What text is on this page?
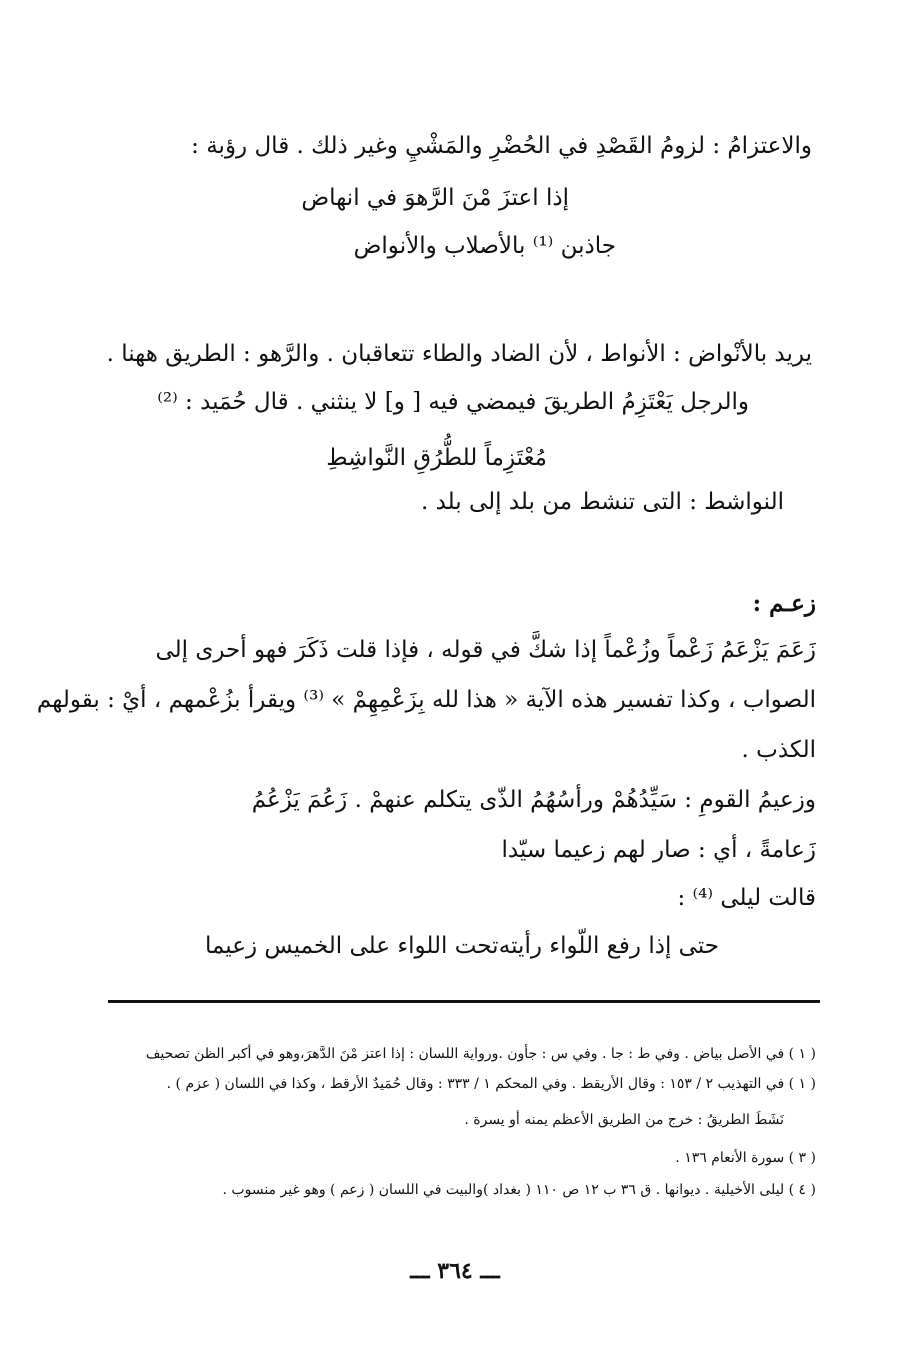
والاعتزامُ : لزومُ القَصْدِ في الحُضْرِ والمَشْيِ وغير ذلك . قال رؤبة :
إذا اعتزَ مْنَ الرَّهوَ في انهاض
جاذبن ⁽¹⁾ بالأصلاب والأنواض
يريد بالأنْواض : الأنواط ، لأن الضاد والطاء تتعاقبان . والرَّهو : الطريق ههنا .
والرجل يَعْتَزِمُ الطريقَ فيمضي فيه [ و] لا ينثني . قال حُمَيد : ⁽²⁾
مُعْتَزِماً للطُّرُقِ النَّواشِطِ
النواشط : التى تنشط من بلد إلى بلد .
زعـم :
زَعَمَ يَزْعَمُ زَعْماً وزُعْماً إذا شكَّ في قوله ، فإذا قلت ذَكَرَ فهو أحرى إلى
الصواب ، وكذا تفسير هذه الآية « هذا لله بِزَعْمِهِمْ » ⁽³⁾ ويقرأ بزُعْمهم ، أيْ : بقولهم
الكذب .
وزعيمُ القومِ : سَيِّدُهُمْ ورأسُهُمُ الذّى يتكلم عنهمْ . زَعُمَ يَزْعُمُ
زَعامةً ، أي : صار لهم زعيما سيّدا
قالت ليلى ⁽⁴⁾ :
حتى إذا رفع اللّواء رأيته
تحت اللواء على الخميس زعيما
( ١ ) في الأصل بياض . وفي ط : جا . وفي س : جأون .ورواية اللسان : إذا اعتز مْنَ الدَّهرَ،وهو في أكبر الظن تصحيف
( ١ ) في التهذيب ٢ / ١٥٣ : وقال الأريقط . وفي المحكم ١ / ٣٣٣ : وقال حُمَيدٌ الأرقط ، وكذا في اللسان ( عزم ) .
نَشَطَ الطريقُ : خرج من الطريق الأعظم يمنه أو يسرة .
( ٣ ) سورة الأنعام ١٣٦ .
( ٤ ) ليلى الأخيلية . ديوانها . ق ٣٦ ب ١٢ ص ١١٠ ( بغداد )والبيت في اللسان ( زعم ) وهو غير منسوب .
ـــ ٣٦٤ ـــ
